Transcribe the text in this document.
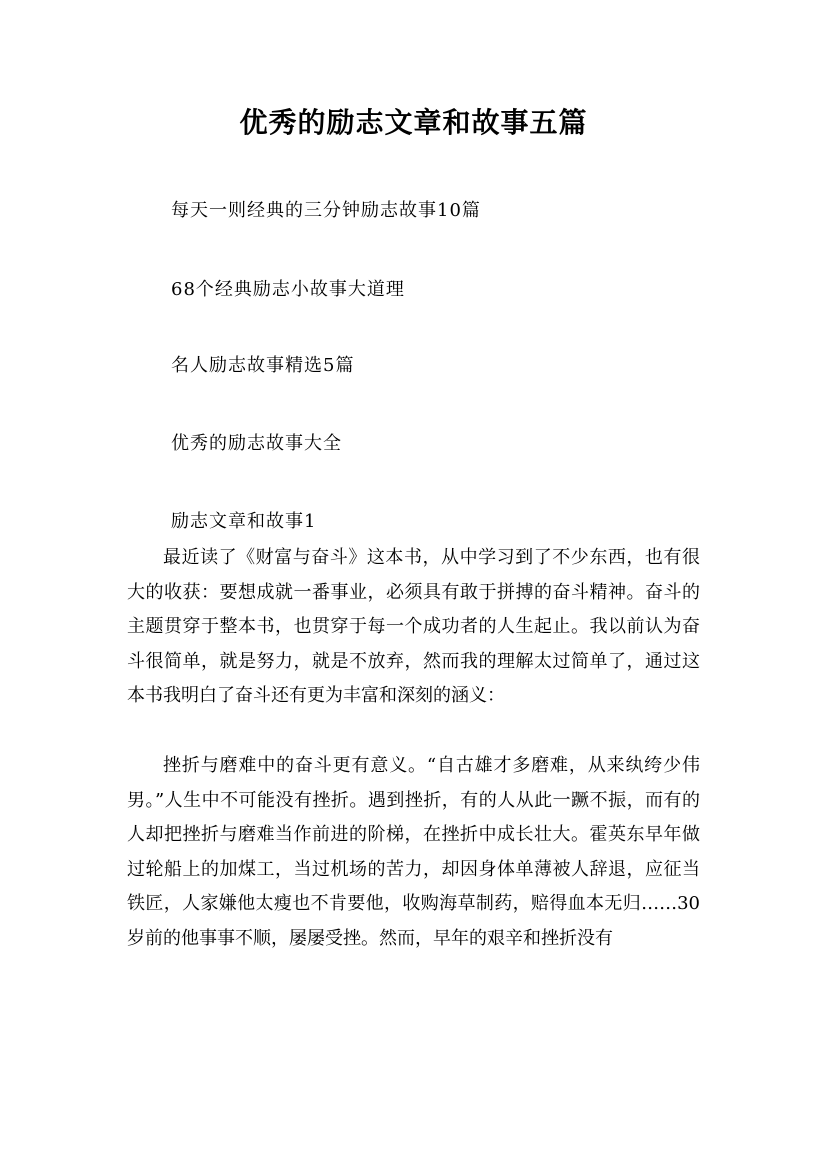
优秀的励志文章和故事五篇
每天一则经典的三分钟励志故事10篇
68个经典励志小故事大道理
名人励志故事精选5篇
优秀的励志故事大全
励志文章和故事1

最近读了《财富与奋斗》这本书，从中学习到了不少东西，也有很大的收获：要想成就一番事业，必须具有敢于拼搏的奋斗精神。奋斗的主题贯穿于整本书，也贯穿于每一个成功者的人生起止。我以前认为奋斗很简单，就是努力，就是不放弃，然而我的理解太过简单了，通过这本书我明白了奋斗还有更为丰富和深刻的涵义：

挫折与磨难中的奋斗更有意义。“自古雄才多磨难，从来纨绔少伟男。”人生中不可能没有挫折。遇到挫折，有的人从此一蹶不振，而有的人却把挫折与磨难当作前进的阶梯，在挫折中成长壮大。霍英东早年做过轮船上的加煤工，当过机场的苦力，却因身体单薄被人辞退，应征当铁匠，人家嫌他太瘦也不肯要他，收购海草制药，赔得血本无归……30岁前的他事事不顺，屡屡受挫。然而，早年的艰辛和挫折没有
